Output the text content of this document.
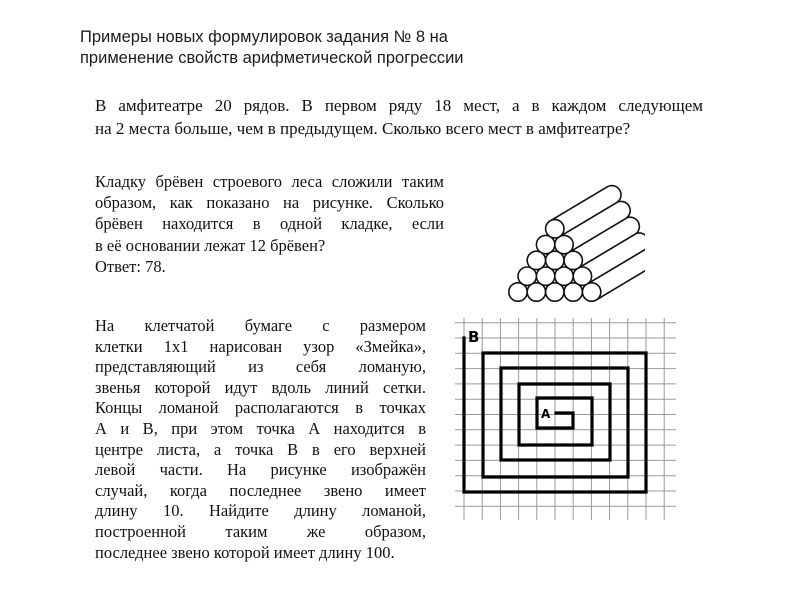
Примеры новых формулировок задания № 8 на
применение свойств арифметической прогрессии
В амфитеатре 20 рядов. В первом ряду 18 мест, а в каждом следующем
на 2 места больше, чем в предыдущем. Сколько всего мест в амфитеатре?
Кладку брёвен строевого леса сложили таким
образом, как показано на рисунке. Сколько
брёвен находится в одной кладке, если
в её основании лежат 12 брёвен?
Ответ: 78.
На клетчатой бумаге с размером
клетки 1x1 нарисован узор «Змейка»,
представляющий из себя ломаную,
звенья которой идут вдоль линий сетки.
Концы ломаной располагаются в точках
А и В, при этом точка А находится в
центре листа, а точка В в его верхней
левой части. На рисунке изображён
случай, когда последнее звено имеет
длину 10. Найдите длину ломаной,
построенной таким же образом,
последнее звено которой имеет длину 100.
B
A
